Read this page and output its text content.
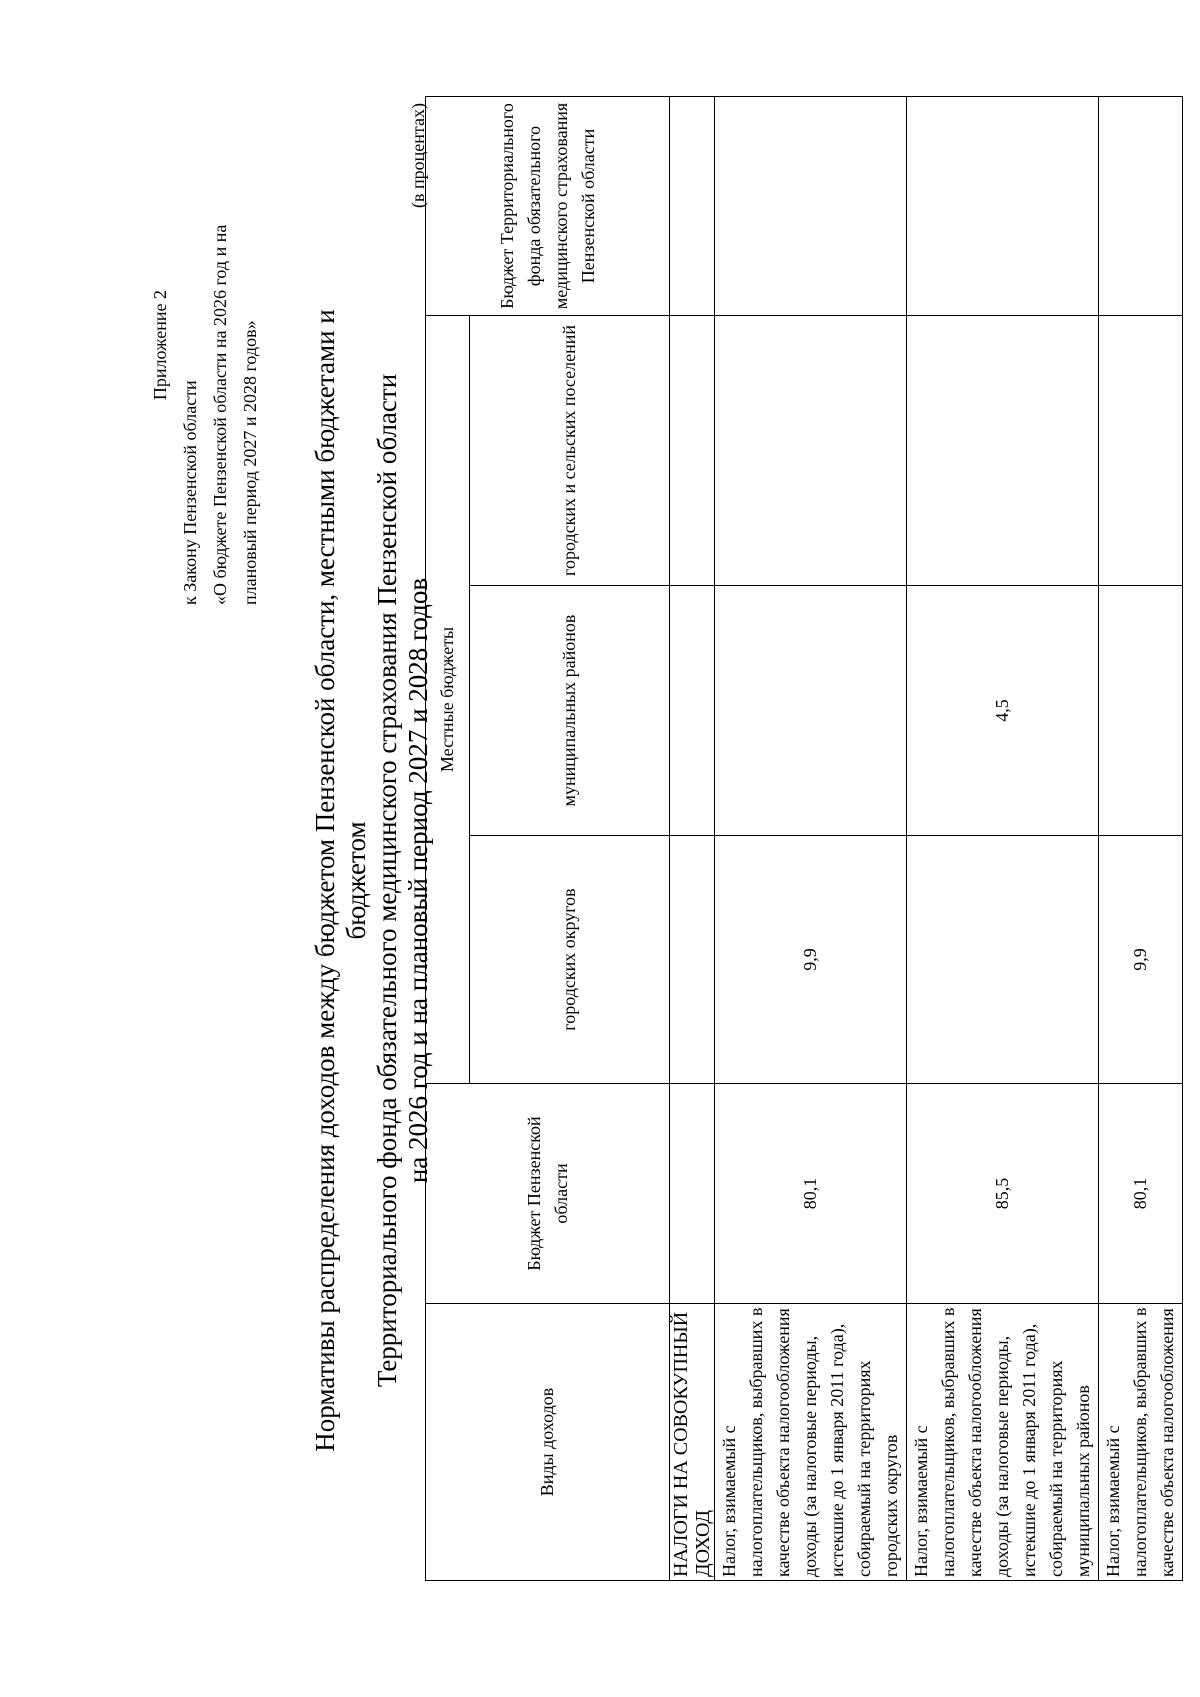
Приложение 2
к Закону Пензенской области «О бюджете Пензенской области на 2026 год и на плановый период 2027 и 2028 годов» Нормативы распределения доходов между бюджетом Пензенской области, местными бюджетами и бюджетом Территориального фонда обязательного медицинского страхования Пензенской области на 2026 год и на плановый период 2027 и 2028 годов
(в процентах)
Виды доходов	Бюджет Пензенской области	Местные бюджеты			Бюджет Территориального фонда обязательного медицинского страхования Пензенской области
		городских округов	муниципальных районов	городских и сельских поселений	
НАЛОГИ НА СОВОКУПНЫЙ ДОХОД					
Налог, взимаемый с налогоплательщиков, выбравших в качестве объекта налогообложения доходы (за налоговые периоды, истекшие до 1 января 2011 года), собираемый на территориях городских округов	80,1	9,9			
Налог, взимаемый с налогоплательщиков, выбравших в качестве объекта налогообложения доходы (за налоговые периоды, истекшие до 1 января 2011 года), собираемый на территориях муниципальных районов	85,5		4,5		
Налог, взимаемый с налогоплательщиков, выбравших в качестве объекта налогообложения	80,1	9,9			
